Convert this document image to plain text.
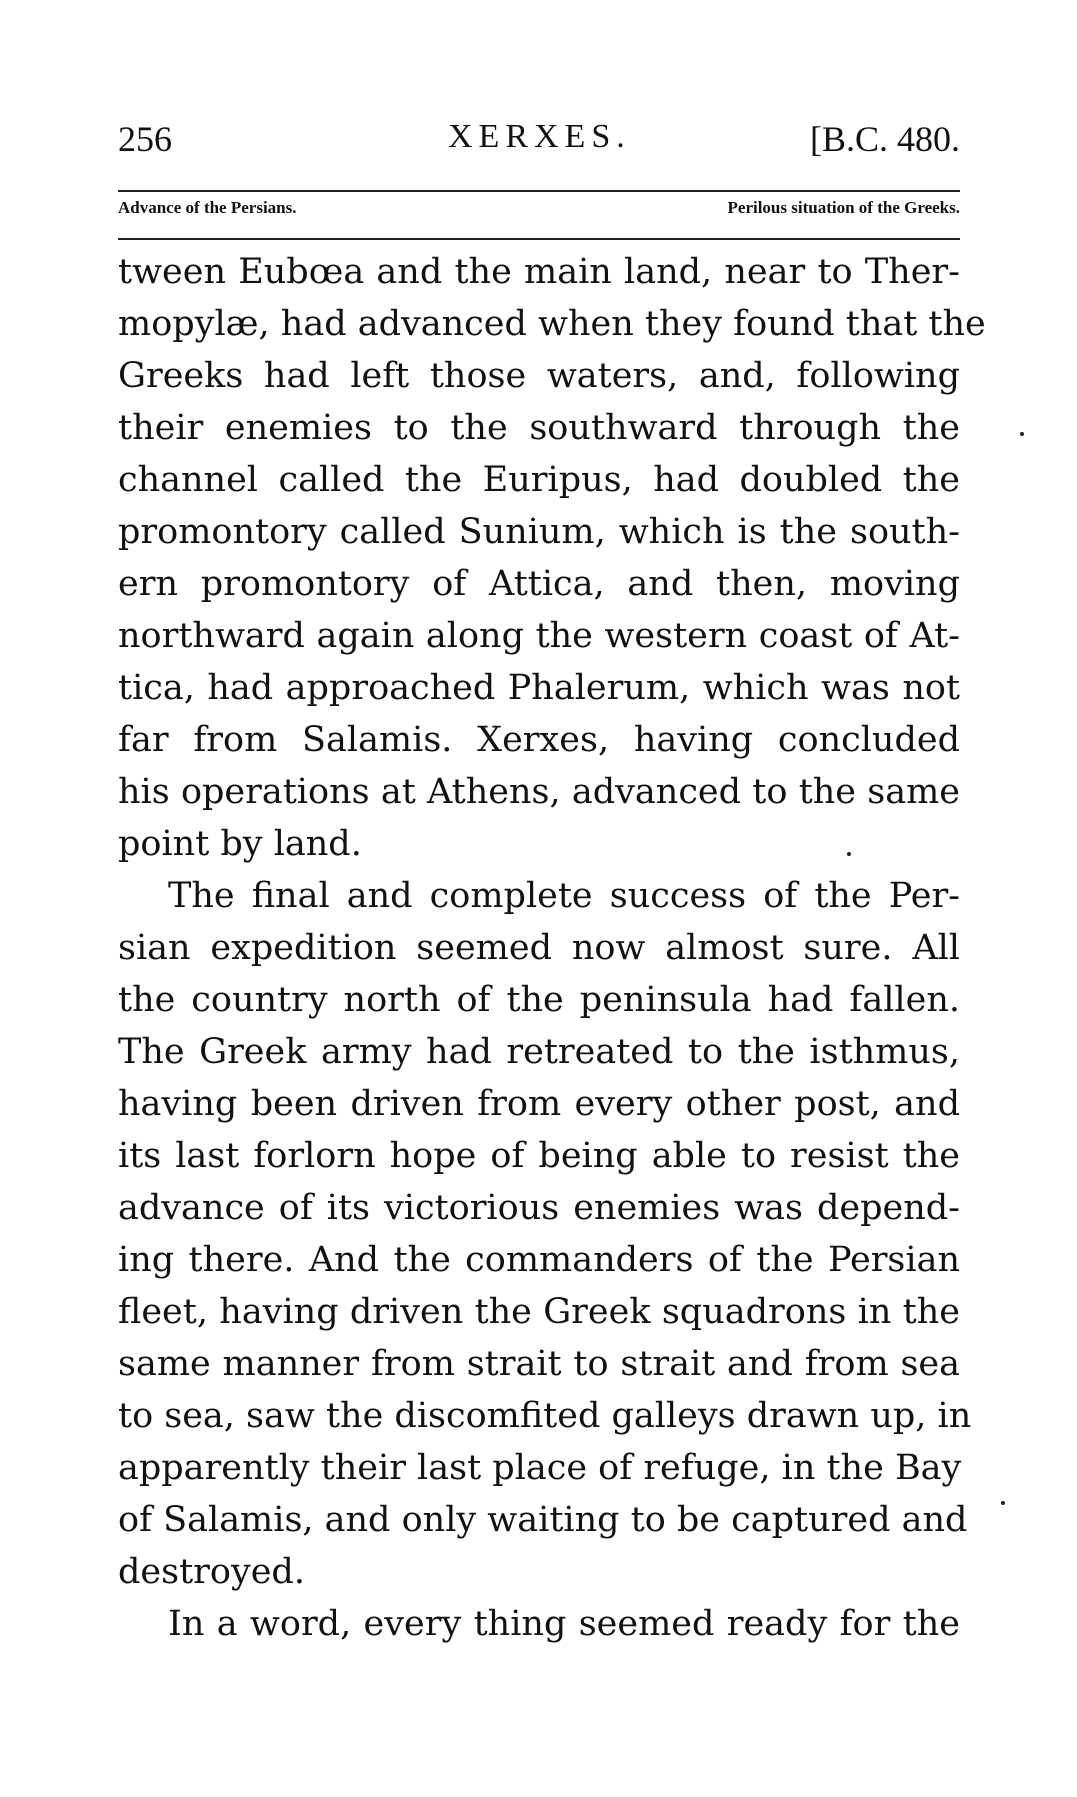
256	XERXES.	[B.C. 480.
Advance of the Persians.	Perilous situation of the Greeks.
tween Eubœa and the main land, near to Ther-
mopylæ, had advanced when they found that the
Greeks had left those waters, and, following
their enemies to the southward through the
channel called the Euripus, had doubled the
promontory called Sunium, which is the south-
ern promontory of Attica, and then, moving
northward again along the western coast of At-
tica, had approached Phalerum, which was not
far from Salamis. Xerxes, having concluded
his operations at Athens, advanced to the same
point by land.
The final and complete success of the Per-
sian expedition seemed now almost sure. All
the country north of the peninsula had fallen.
The Greek army had retreated to the isthmus,
having been driven from every other post, and
its last forlorn hope of being able to resist the
advance of its victorious enemies was depend-
ing there. And the commanders of the Persian
fleet, having driven the Greek squadrons in the
same manner from strait to strait and from sea
to sea, saw the discomfited galleys drawn up, in
apparently their last place of refuge, in the Bay
of Salamis, and only waiting to be captured and
destroyed.
In a word, every thing seemed ready for the
